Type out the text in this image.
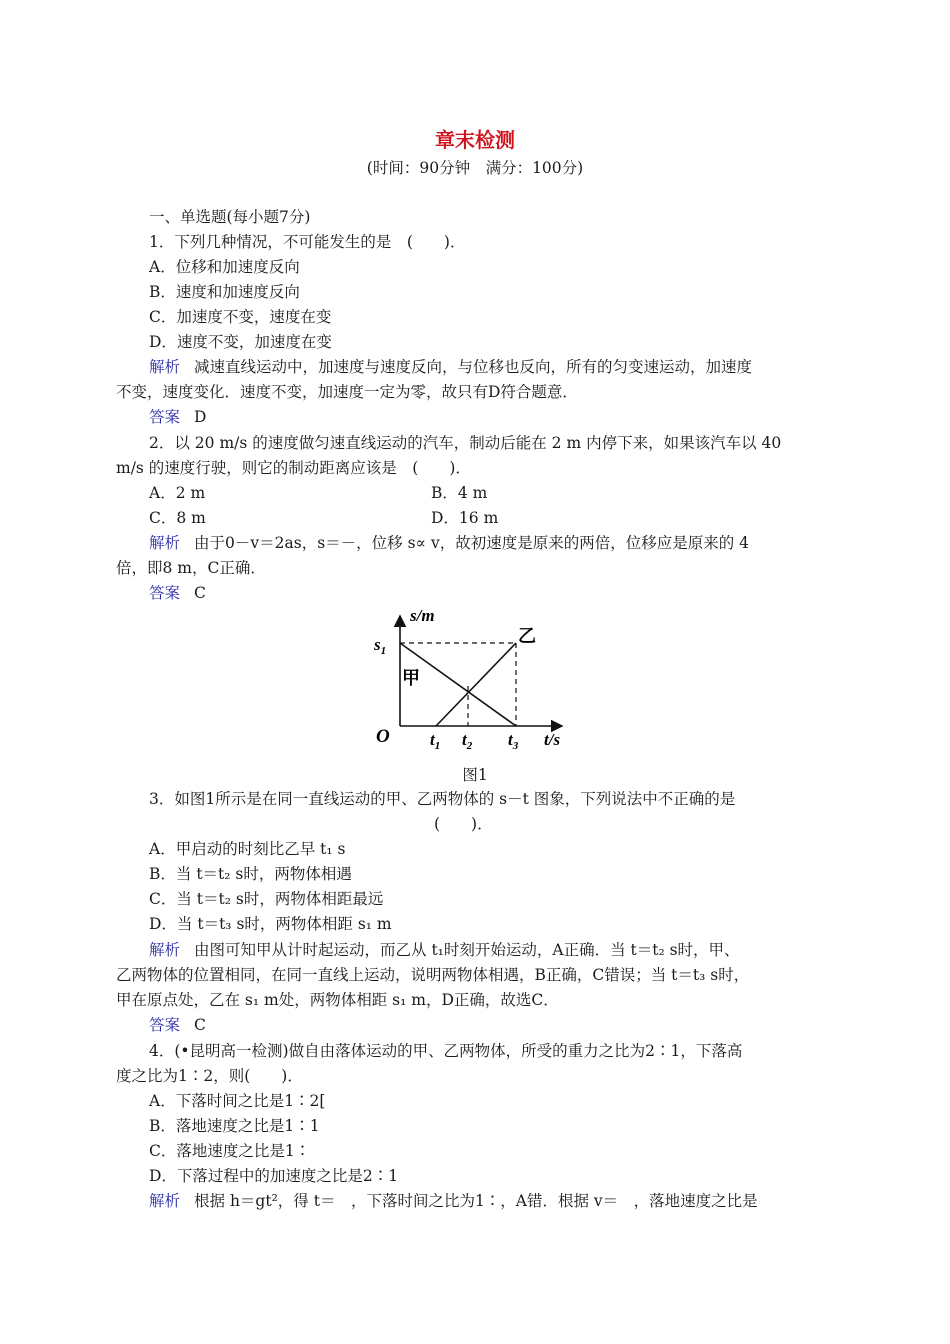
章末检测
(时间：90分钟　满分：100分)
一、单选题(每小题7分)
1．下列几种情况，不可能发生的是　(　　)．
A．位移和加速度反向
B．速度和加速度反向
C．加速度不变，速度在变
D．速度不变，加速度在变
解析 减速直线运动中，加速度与速度反向，与位移也反向，所有的匀变速运动，加速度
不变，速度变化．速度不变，加速度一定为零，故只有D符合题意．
答案 D
2．以 20 m/s 的速度做匀速直线运动的汽车，制动后能在 2 m 内停下来，如果该汽车以 40
m/s 的速度行驶，则它的制动距离应该是　(　　)．
A．2 m	B．4 m
C．8 m	D．16 m
解析 由于0－v＝2as，s＝－，位移 s∝ v，故初速度是原来的两倍，位移应是原来的 4
倍，即8 m，C正确．
答案 C
s/m
$s_1$
O
甲
乙
$t_1$ $t_2$ $t_3$ t/s
图1
3．如图1所示是在同一直线运动的甲、乙两物体的 s－t 图象，下列说法中不正确的是
(　　)．
A．甲启动的时刻比乙早 t₁ s
B．当 t＝t₂ s时，两物体相遇
C．当 t＝t₂ s时，两物体相距最远
D．当 t＝t₃ s时，两物体相距 s₁ m
解析 由图可知甲从计时起运动，而乙从 t₁时刻开始运动，A正确．当 t＝t₂ s时，甲、
乙两物体的位置相同，在同一直线上运动，说明两物体相遇，B正确，C错误；当 t＝t₃ s时，
甲在原点处，乙在 s₁ m处，两物体相距 s₁ m，D正确，故选C．
答案 C
4．(•昆明高一检测)做自由落体运动的甲、乙两物体，所受的重力之比为2∶1，下落高
度之比为1∶2，则(　　)．
A．下落时间之比是1∶2[
B．落地速度之比是1∶1
C．落地速度之比是1∶
D．下落过程中的加速度之比是2∶1
解析 根据 h＝gt²，得 t＝　，下落时间之比为1∶，A错．根据 v＝　，落地速度之比是
